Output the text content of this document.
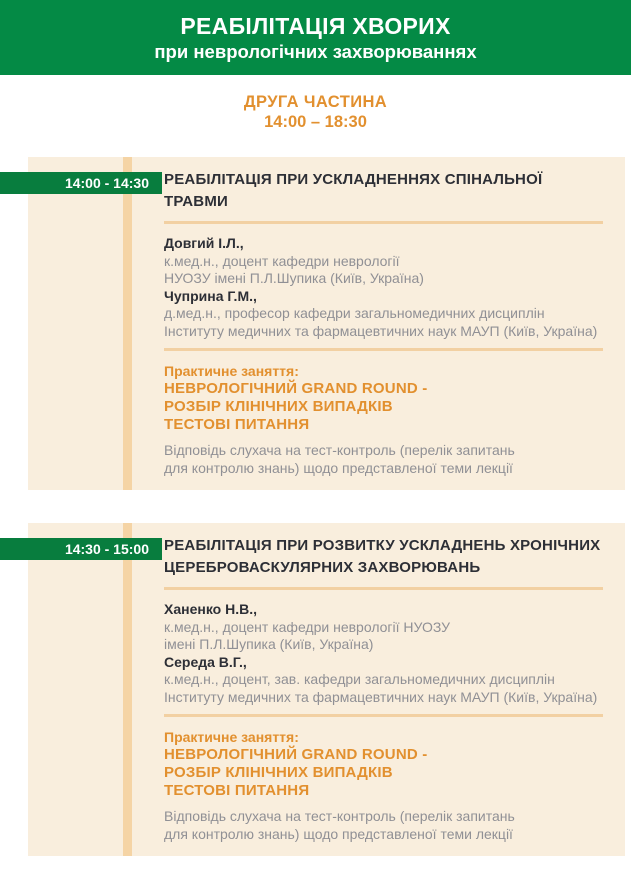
РЕАБІЛІТАЦІЯ ХВОРИХ
при неврологічних захворюваннях
ДРУГА ЧАСТИНА
14:00 – 18:30
14:00 - 14:30	РЕАБІЛІТАЦІЯ ПРИ УСКЛАДНЕННЯХ СПІНАЛЬНОЇ ТРАВМИ
Довгий І.Л.,
к.мед.н., доцент кафедри неврології
НУОЗУ імені П.Л.Шупика (Київ, Україна)
Чуприна Г.М.,
д.мед.н., професор кафедри загальномедичних дисциплін
Інституту медичних та фармацевтичних наук МАУП (Київ, Україна)
Практичне заняття:
НЕВРОЛОГІЧНИЙ GRAND ROUND -
РОЗБІР КЛІНІЧНИХ ВИПАДКІВ
ТЕСТОВІ ПИТАННЯ
Відповідь слухача на тест-контроль (перелік запитань
для контролю знань) щодо представленої теми лекції
14:30 - 15:00	РЕАБІЛІТАЦІЯ ПРИ РОЗВИТКУ УСКЛАДНЕНЬ ХРОНІЧНИХ
ЦЕРЕБРОВАСКУЛЯРНИХ ЗАХВОРЮВАНЬ
Ханенко Н.В.,
к.мед.н., доцент кафедри неврології НУОЗУ
імені П.Л.Шупика (Київ, Україна)
Середа В.Г.,
к.мед.н., доцент, зав. кафедри загальномедичних дисциплін
Інституту медичних та фармацевтичних наук МАУП (Київ, Україна)
Практичне заняття:
НЕВРОЛОГІЧНИЙ GRAND ROUND -
РОЗБІР КЛІНІЧНИХ ВИПАДКІВ
ТЕСТОВІ ПИТАННЯ
Відповідь слухача на тест-контроль (перелік запитань
для контролю знань) щодо представленої теми лекції
